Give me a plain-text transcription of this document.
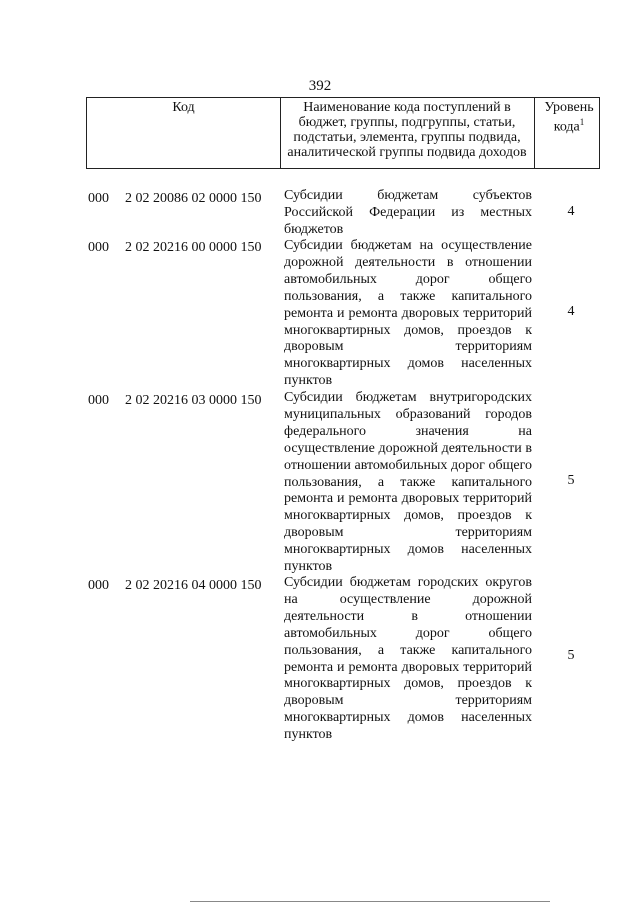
392
Код	Наименование кода поступлений в бюджет, группы, подгруппы, статьи, подстатьи, элемента, группы подвида, аналитической группы подвида доходов
Уровень кода$^1$
000 2 02 20086 02 0000 150 Субсидии бюджетам субъектов Российской Федерации из местных бюджетов
4
000 2 02 20216 00 0000 150 Субсидии бюджетам на осуществление дорожной деятельности в отношении автомобильных дорог общего пользования, а также капитального ремонта и ремонта дворовых территорий многоквартирных домов, проездов к дворовым территориям многоквартирных домов населенных пунктов
4
000 2 02 20216 03 0000 150 Субсидии бюджетам внутригородских муниципальных образований городов федерального значения на осуществление дорожной деятельности в отношении автомобильных дорог общего пользования, а также капитального ремонта и ремонта дворовых территорий многоквартирных домов, проездов к дворовым территориям многоквартирных домов населенных пунктов
5
000 2 02 20216 04 0000 150 Субсидии бюджетам городских округов на осуществление дорожной деятельности в отношении автомобильных дорог общего пользования, а также капитального ремонта и ремонта дворовых территорий многоквартирных домов, проездов к дворовым территориям многоквартирных домов населенных пунктов
5
